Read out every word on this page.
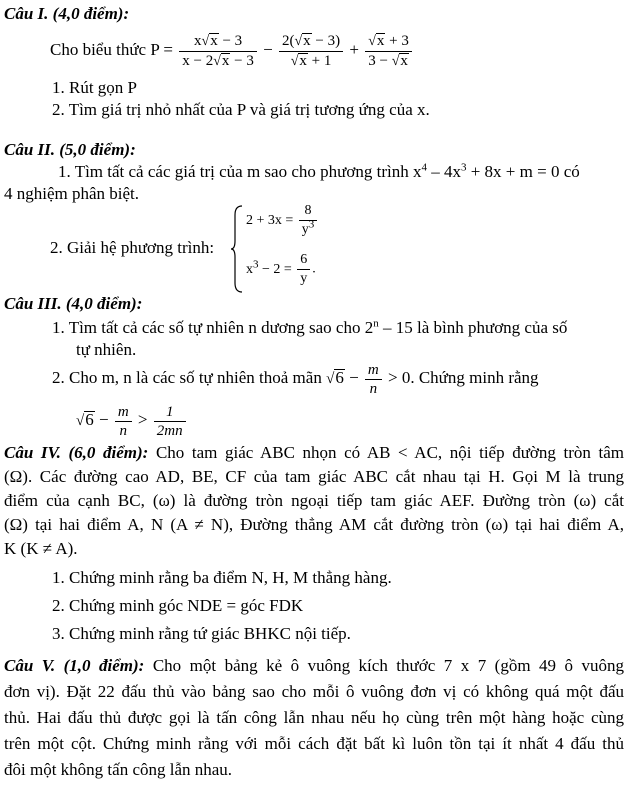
Câu I. (4,0 điểm):
Cho biểu thức $P = \frac{x√x - 3}{x - 2√x - 3} - \frac{2(√x - 3)}{√x + 1} + \frac{√x + 3}{3 - √x}$
1. Rút gọn P
2. Tìm giá trị nhỏ nhất của P và giá trị tương ứng của x.
Câu II. (5,0 điểm):
1. Tìm tất cả các giá trị của m sao cho phương trình $x^4 - 4x^3 + 8x + m = 0$ có
4 nghiệm phân biệt.
2. Giải hệ phương trình:
$2 + 3x = \frac{8}{y^3}$
$x^3 - 2 = \frac{6}{y}$ .
Câu III. (4,0 điểm):
1. Tìm tất cả các số tự nhiên n dương sao cho 2$^n$ – 15 là bình phương của số
tự nhiên.
2. Cho m, n là các số tự nhiên thoả mãn $√6 - \frac{m}{n} > 0$. Chứng minh rằng
$√6 - \frac{m}{n} > \frac{1}{2mn}$
Câu IV. (6,0 điểm): Cho tam giác ABC nhọn có AB < AC, nội tiếp đường tròn tâm
(Ω). Các đường cao AD, BE, CF của tam giác ABC cắt nhau tại H. Gọi M là trung
điểm của cạnh BC, (ω) là đường tròn ngoại tiếp tam giác AEF. Đường tròn (ω) cắt
(Ω) tại hai điểm A, N (A ≠ N), Đường thẳng AM cắt đường tròn (ω) tại hai điểm A,
K (K ≠ A).
1. Chứng minh rằng ba điểm N, H, M thẳng hàng.
2. Chứng minh góc NDE = góc FDK
3. Chứng minh rằng tứ giác BHKC nội tiếp.
Câu V. (1,0 điểm): Cho một bảng kẻ ô vuông kích thước 7 x 7 (gồm 49 ô vuông
đơn vị). Đặt 22 đấu thủ vào bảng sao cho mỗi ô vuông đơn vị có không quá một đấu
thủ. Hai đấu thủ được gọi là tấn công lẫn nhau nếu họ cùng trên một hàng hoặc cùng
trên một cột. Chứng minh rằng với mỗi cách đặt bất kì luôn tồn tại ít nhất 4 đấu thủ
đôi một không tấn công lẫn nhau.
